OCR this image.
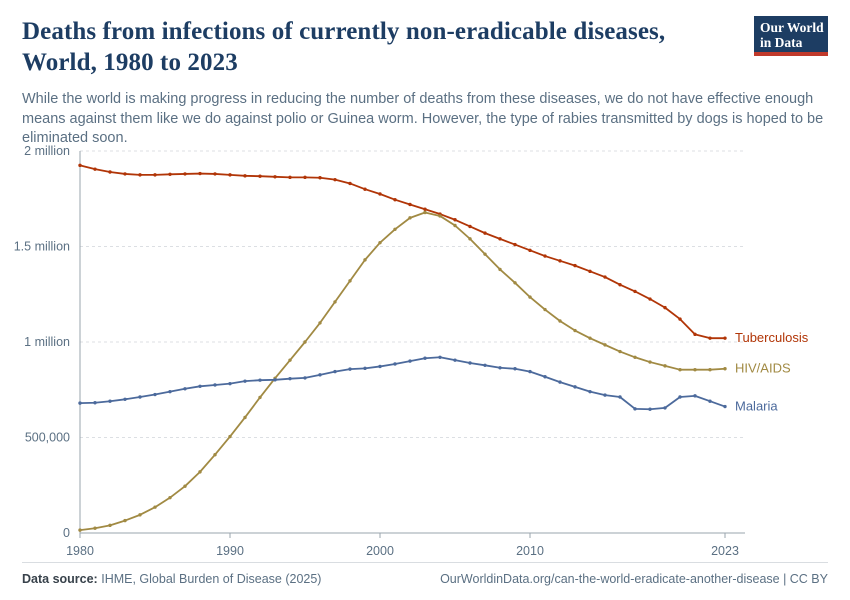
Deaths from infections of currently non-eradicable diseases, World, 1980 to 2023

While the world is making progress in reducing the number of deaths from these diseases, we do not have effective enough means against them like we do against polio or Guinea worm. However, the type of rabies transmitted by dogs is hoped to be eliminated soon.

Our World
in Data
0
500,000
1 million
1.5 million
2 million
1980	1990	2000	2010	2023
Tuberculosis
HIV/AIDS
Malaria
Data source: IHME, Global Burden of Disease (2025)	OurWorldinData.org/can-the-world-eradicate-another-disease | CC BY
